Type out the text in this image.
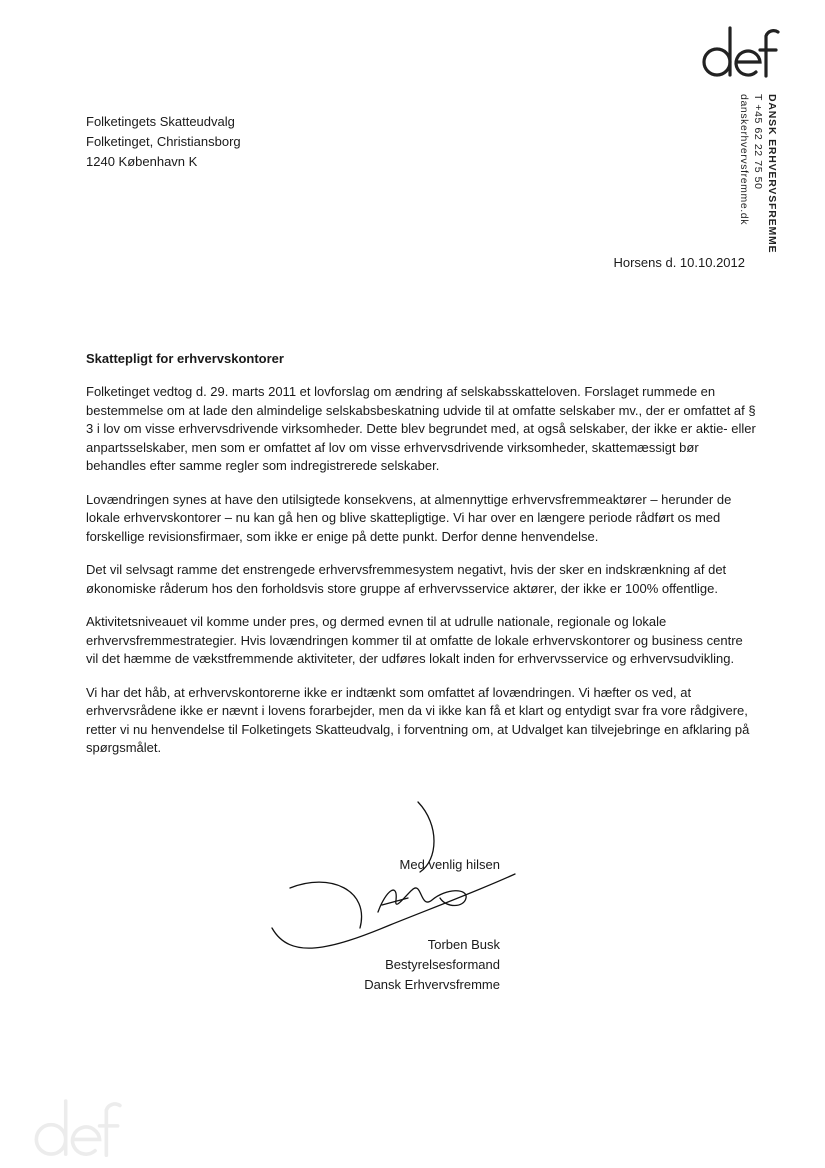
DANSK ERHVERVSFREMME
T +45 62 22 75 50
danskerhvervsfremme.dk
Folketingets Skatteudvalg
Folketinget, Christiansborg
1240 København K
Horsens d. 10.10.2012
Skattepligt for erhvervskontorer

Folketinget vedtog d. 29. marts 2011 et lovforslag om ændring af selskabsskatteloven. Forslaget rummede en bestemmelse om at lade den almindelige selskabsbeskatning udvide til at omfatte selskaber mv., der er omfattet af § 3 i lov om visse erhvervsdrivende virksomheder. Dette blev begrundet med, at også selskaber, der ikke er aktie- eller anpartsselskaber, men som er omfattet af lov om visse erhvervsdrivende virksomheder, skattemæssigt bør behandles efter samme regler som indregistrerede selskaber.

Lovændringen synes at have den utilsigtede konsekvens, at almennyttige erhvervsfremmeaktører – herunder de lokale erhvervskontorer – nu kan gå hen og blive skattepligtige. Vi har over en længere periode rådført os med forskellige revisionsfirmaer, som ikke er enige på dette punkt. Derfor denne henvendelse.

Det vil selvsagt ramme det enstrengede erhvervsfremmesystem negativt, hvis der sker en indskrænkning af det økonomiske råderum hos den forholdsvis store gruppe af erhvervsservice aktører, der ikke er 100% offentlige.

Aktivitetsniveauet vil komme under pres, og dermed evnen til at udrulle nationale, regionale og lokale erhvervsfremmestrategier. Hvis lovændringen kommer til at omfatte de lokale erhvervskontorer og business centre vil det hæmme de vækstfremmende aktiviteter, der udføres lokalt inden for erhvervsservice og erhvervsudvikling.

Vi har det håb, at erhvervskontorerne ikke er indtænkt som omfattet af lovændringen. Vi hæfter os ved, at erhvervsrådene ikke er nævnt i lovens forarbejder, men da vi ikke kan få et klart og entydigt svar fra vore rådgivere, retter vi nu henvendelse til Folketingets Skatteudvalg, i forventning om, at Udvalget kan tilvejebringe en afklaring på spørgsmålet.

Med venlig hilsen
Torben Busk
Bestyrelsesformand
Dansk Erhvervsfremme
